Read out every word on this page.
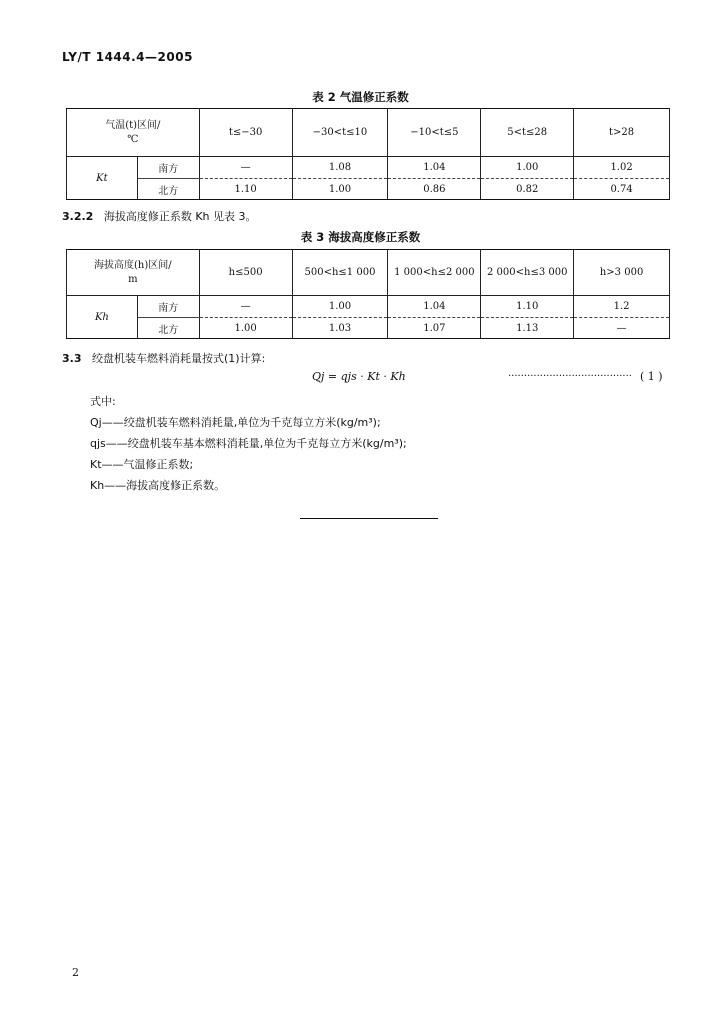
LY/T 1444.4—2005
表 2 气温修正系数
气温(t)区间/
℃		t≤−30	−30<t≤10	−10<t≤5	5<t≤28	t>28
Kt	南方	—	1.08	1.04	1.00	1.02
	北方	1.10	1.00	0.86	0.82	0.74
3.2.2 海拔高度修正系数 Kh 见表 3。
表 3 海拔高度修正系数
海拔高度(h)区间/
m		h≤500	500<h≤1 000	1 000<h≤2 000	2 000<h≤3 000	h>3 000
Kh	南方	—	1.00	1.04	1.10	1.2
	北方	1.00	1.03	1.07	1.13	—
3.3 绞盘机装车燃料消耗量按式(1)计算:
Qj = qjs · Kt · Kh	······································· ( 1 )
式中:
Qj——绞盘机装车燃料消耗量,单位为千克每立方米(kg/m³);
qjs——绞盘机装车基本燃料消耗量,单位为千克每立方米(kg/m³);
Kt——气温修正系数;
Kh——海拔高度修正系数。
2
